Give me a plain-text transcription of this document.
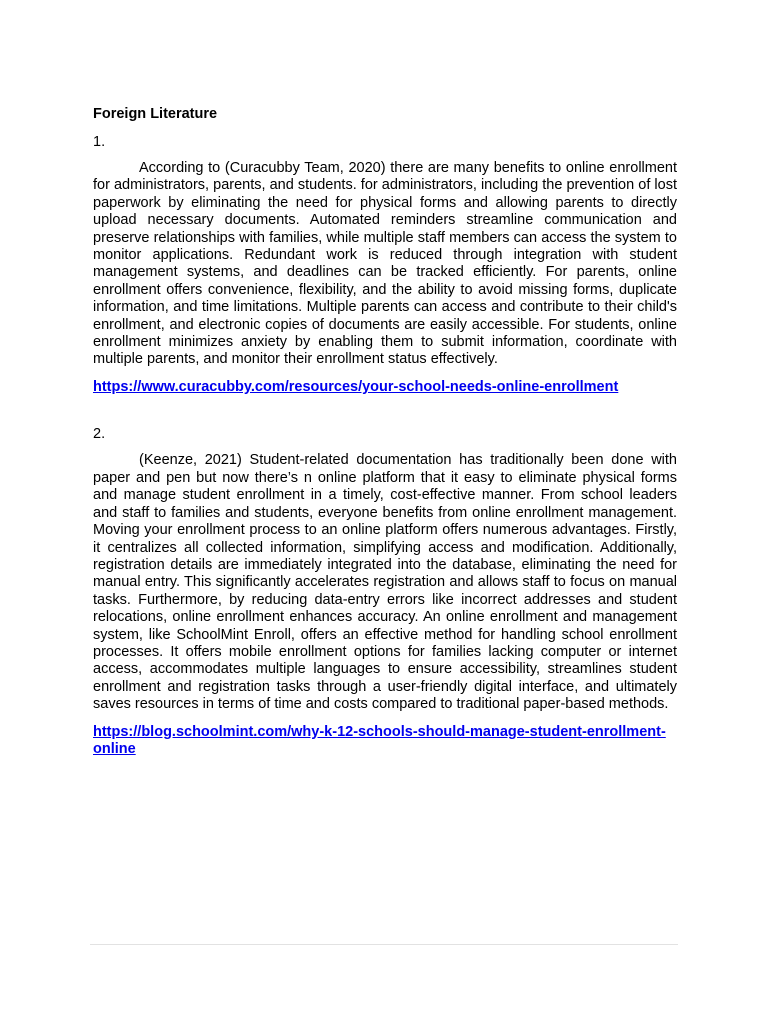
Foreign Literature

1.

According to (Curacubby Team, 2020) there are many benefits to online enrollment for administrators, parents, and students. for administrators, including the prevention of lost paperwork by eliminating the need for physical forms and allowing parents to directly upload necessary documents. Automated reminders streamline communication and preserve relationships with families, while multiple staff members can access the system to monitor applications. Redundant work is reduced through integration with student management systems, and deadlines can be tracked efficiently. For parents, online enrollment offers convenience, flexibility, and the ability to avoid missing forms, duplicate information, and time limitations. Multiple parents can access and contribute to their child's enrollment, and electronic copies of documents are easily accessible. For students, online enrollment minimizes anxiety by enabling them to submit information, coordinate with multiple parents, and monitor their enrollment status effectively.

https://www.curacubby.com/resources/your-school-needs-online-enrollment

2.

(Keenze, 2021) Student-related documentation has traditionally been done with paper and pen but now there’s n online platform that it easy to eliminate physical forms and manage student enrollment in a timely, cost-effective manner. From school leaders and staff to families and students, everyone benefits from online enrollment management. Moving your enrollment process to an online platform offers numerous advantages. Firstly, it centralizes all collected information, simplifying access and modification. Additionally, registration details are immediately integrated into the database, eliminating the need for manual entry. This significantly accelerates registration and allows staff to focus on manual tasks. Furthermore, by reducing data-entry errors like incorrect addresses and student relocations, online enrollment enhances accuracy. An online enrollment and management system, like SchoolMint Enroll, offers an effective method for handling school enrollment processes. It offers mobile enrollment options for families lacking computer or internet access, accommodates multiple languages to ensure accessibility, streamlines student enrollment and registration tasks through a user-friendly digital interface, and ultimately saves resources in terms of time and costs compared to traditional paper-based methods.

https://blog.schoolmint.com/why-k-12-schools-should-manage-student-enrollment-online
